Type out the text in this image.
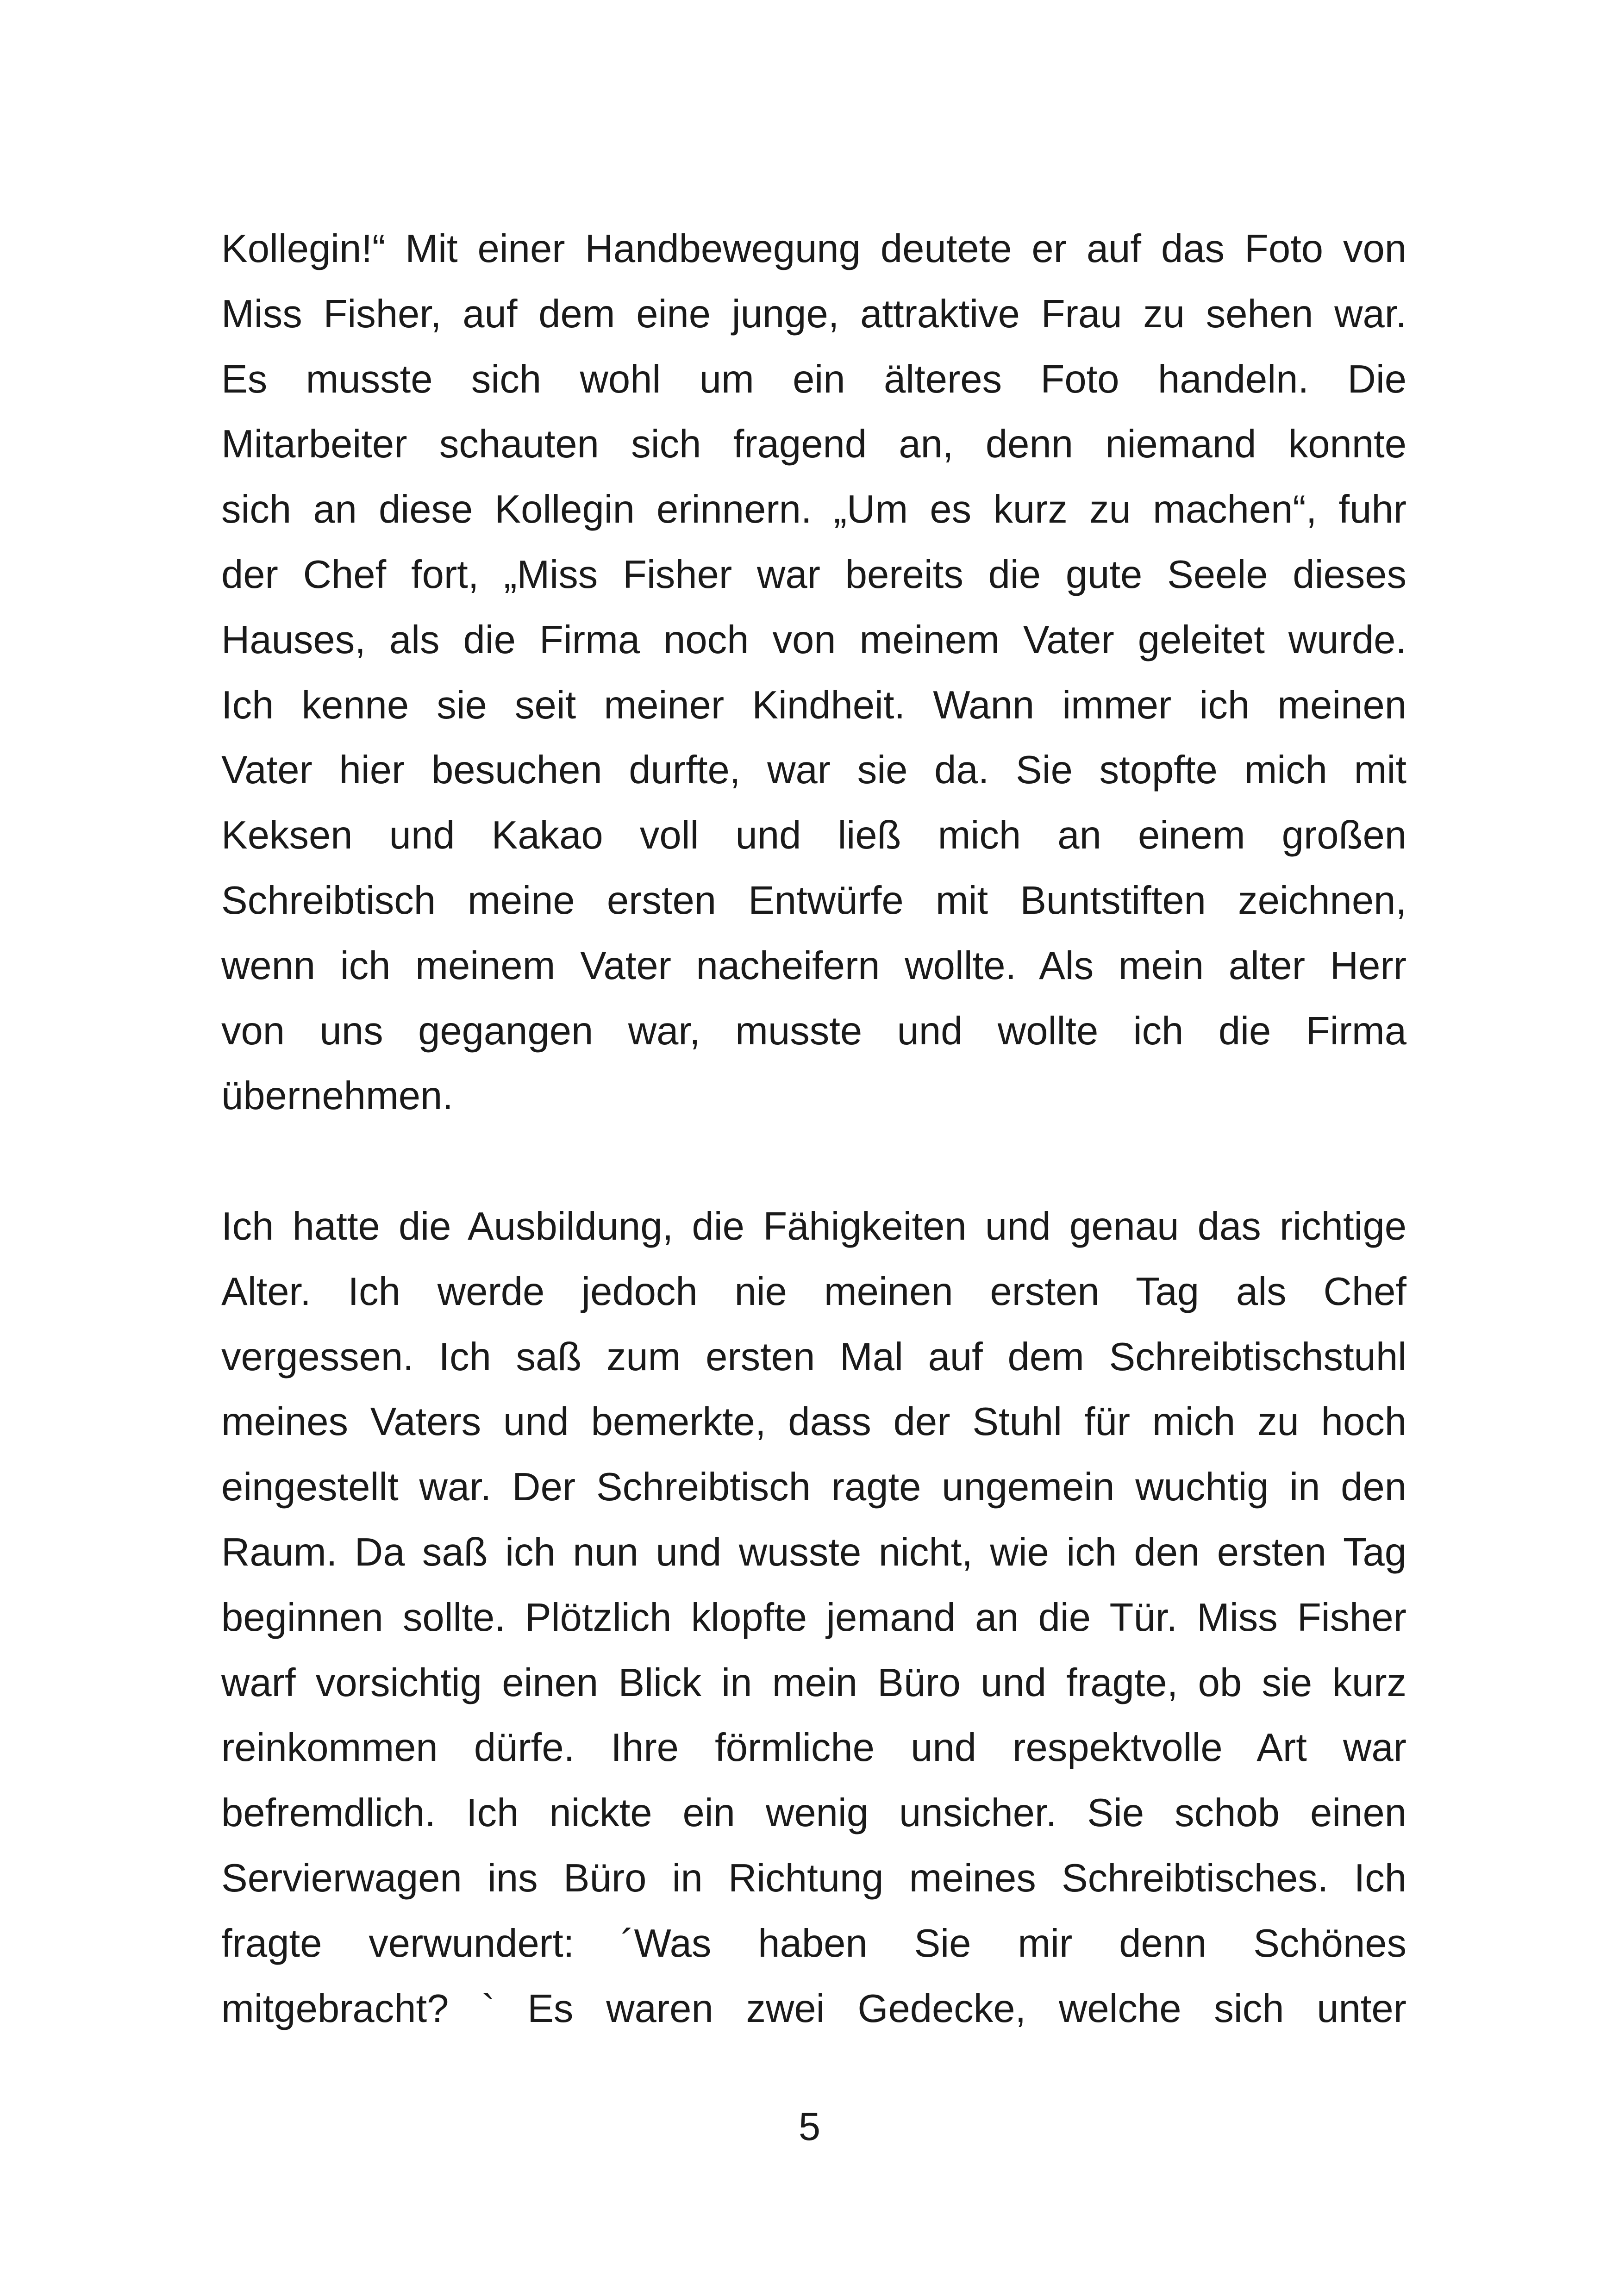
Kollegin!“ Mit einer Handbewegung deutete er auf das Foto von
Miss Fisher, auf dem eine junge, attraktive Frau zu sehen war.
Es musste sich wohl um ein älteres Foto handeln. Die
Mitarbeiter schauten sich fragend an, denn niemand konnte
sich an diese Kollegin erinnern. „Um es kurz zu machen“, fuhr
der Chef fort, „Miss Fisher war bereits die gute Seele dieses
Hauses, als die Firma noch von meinem Vater geleitet wurde.
Ich kenne sie seit meiner Kindheit. Wann immer ich meinen
Vater hier besuchen durfte, war sie da. Sie stopfte mich mit
Keksen und Kakao voll und ließ mich an einem großen
Schreibtisch meine ersten Entwürfe mit Buntstiften zeichnen,
wenn ich meinem Vater nacheifern wollte. Als mein alter Herr
von uns gegangen war, musste und wollte ich die Firma
übernehmen.
Ich hatte die Ausbildung, die Fähigkeiten und genau das richtige
Alter. Ich werde jedoch nie meinen ersten Tag als Chef
vergessen. Ich saß zum ersten Mal auf dem Schreibtischstuhl
meines Vaters und bemerkte, dass der Stuhl für mich zu hoch
eingestellt war. Der Schreibtisch ragte ungemein wuchtig in den
Raum. Da saß ich nun und wusste nicht, wie ich den ersten Tag
beginnen sollte. Plötzlich klopfte jemand an die Tür. Miss Fisher
warf vorsichtig einen Blick in mein Büro und fragte, ob sie kurz
reinkommen dürfe. Ihre förmliche und respektvolle Art war
befremdlich. Ich nickte ein wenig unsicher. Sie schob einen
Servierwagen ins Büro in Richtung meines Schreibtisches. Ich
fragte verwundert: ´Was haben Sie mir denn Schönes
mitgebracht? ` Es waren zwei Gedecke, welche sich unter
5
